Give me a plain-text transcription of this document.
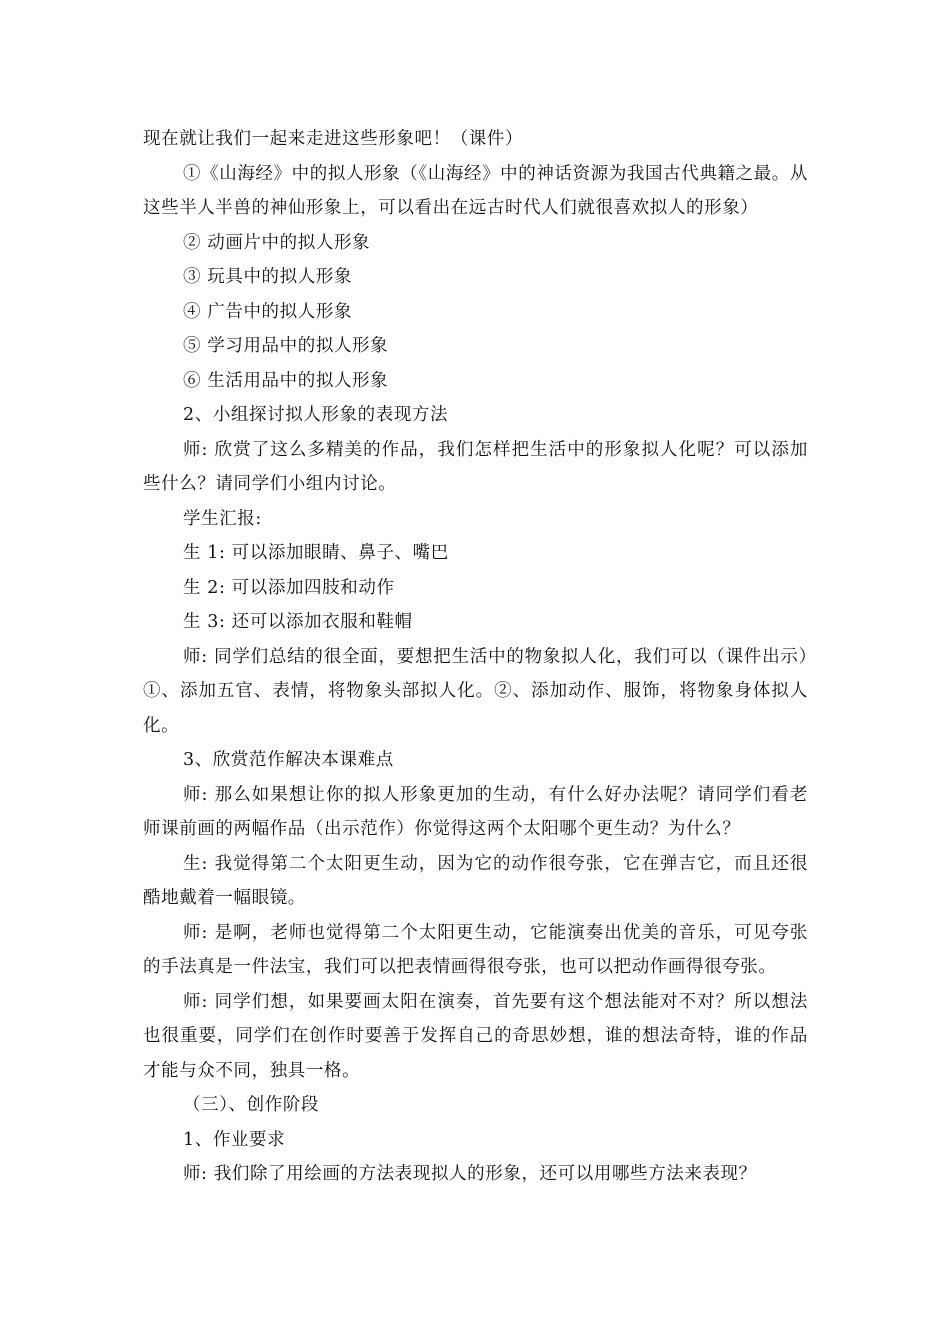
现在就让我们一起来走进这些形象吧！（课件）

①《山海经》中的拟人形象（《山海经》中的神话资源为我国古代典籍之最。从这些半人半兽的神仙形象上，可以看出在远古时代人们就很喜欢拟人的形象）

② 动画片中的拟人形象

③ 玩具中的拟人形象

④ 广告中的拟人形象

⑤ 学习用品中的拟人形象

⑥ 生活用品中的拟人形象

2、小组探讨拟人形象的表现方法

师: 欣赏了这么多精美的作品，我们怎样把生活中的形象拟人化呢？可以添加些什么？请同学们小组内讨论。

学生汇报:

生 1: 可以添加眼睛、鼻子、嘴巴

生 2: 可以添加四肢和动作

生 3: 还可以添加衣服和鞋帽

师: 同学们总结的很全面，要想把生活中的物象拟人化，我们可以（课件出示）①、添加五官、表情，将物象头部拟人化。②、添加动作、服饰，将物象身体拟人化。

3、欣赏范作解决本课难点

师: 那么如果想让你的拟人形象更加的生动，有什么好办法呢？请同学们看老师课前画的两幅作品（出示范作）你觉得这两个太阳哪个更生动？为什么？

生: 我觉得第二个太阳更生动，因为它的动作很夸张，它在弹吉它，而且还很酷地戴着一幅眼镜。

师: 是啊，老师也觉得第二个太阳更生动，它能演奏出优美的音乐，可见夸张的手法真是一件法宝，我们可以把表情画得很夸张，也可以把动作画得很夸张。

师: 同学们想，如果要画太阳在演奏，首先要有这个想法能对不对？所以想法也很重要，同学们在创作时要善于发挥自己的奇思妙想，谁的想法奇特，谁的作品才能与众不同，独具一格。

（三）、创作阶段

1、作业要求

师: 我们除了用绘画的方法表现拟人的形象，还可以用哪些方法来表现？
